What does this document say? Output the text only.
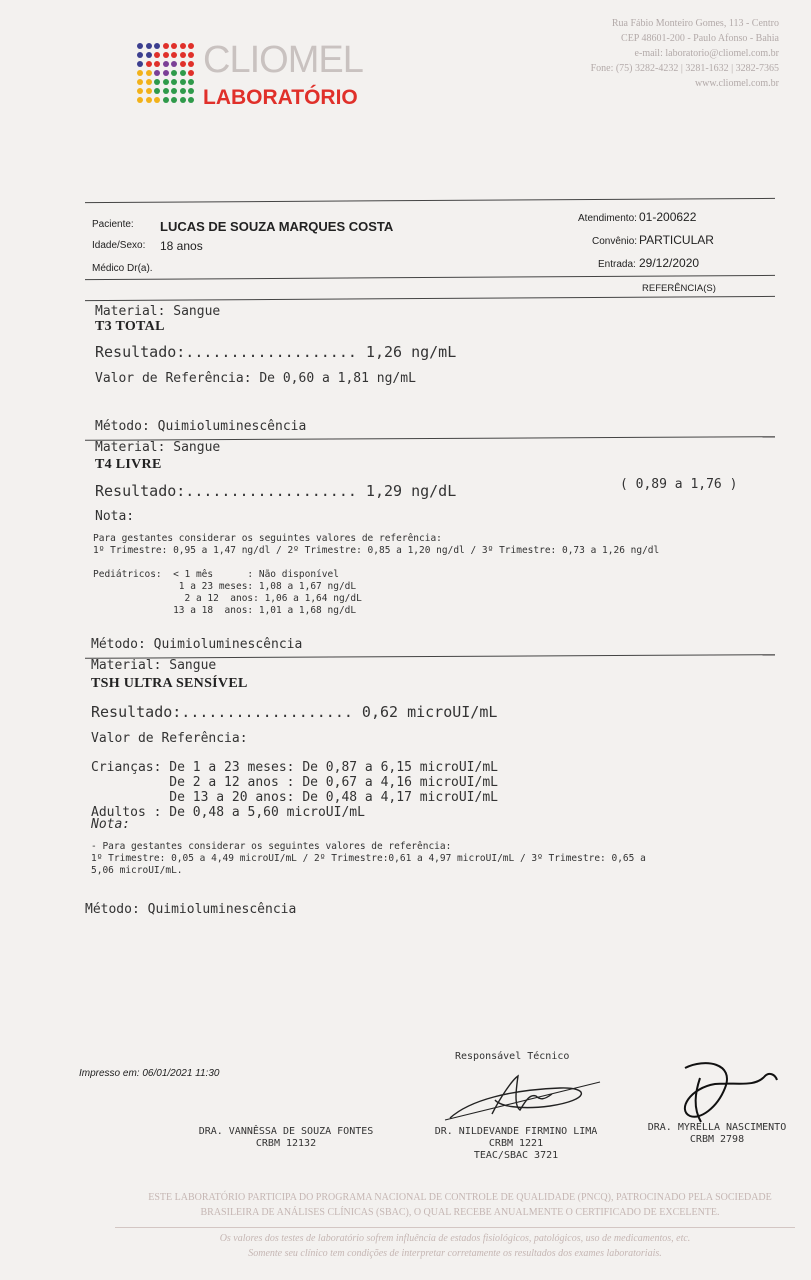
CLIOMEL
LABORATÓRIO
Rua Fábio Monteiro Gomes, 113 - Centro
CEP 48601-200 - Paulo Afonso - Bahia
e-mail: laboratorio@cliomel.com.br
Fone: (75) 3282-4232 | 3281-1632 | 3282-7365
www.cliomel.com.br
Paciente: LUCAS DE SOUZA MARQUES COSTA
Idade/Sexo: 18 anos
Médico Dr(a).
Atendimento: 01-200622
Convênio: PARTICULAR
Entrada: 29/12/2020
REFERÊNCIA(S)
Material: Sangue
T3 TOTAL
Resultado:................... 1,26 ng/mL
Valor de Referência: De 0,60 a 1,81 ng/mL
Método: Quimioluminescência
Material: Sangue
T4 LIVRE
Resultado:................... 1,29 ng/dL	( 0,89 a 1,76 )
Nota:

Para gestantes considerar os seguintes valores de referência:
1º Trimestre: 0,95 a 1,47 ng/dl / 2º Trimestre: 0,85 a 1,20 ng/dl / 3º Trimestre: 0,73 a 1,26 ng/dl

Pediátricos:  < 1 mês      : Não disponível
1 a 23 meses: 1,08 a 1,67 ng/dL
2 a 12  anos: 1,06 a 1,64 ng/dL
13 a 18  anos: 1,01 a 1,68 ng/dL
Método: Quimioluminescência
Material: Sangue
TSH ULTRA SENSÍVEL
Resultado:................... 0,62 microUI/mL
Valor de Referência:

Crianças: De 1 a 23 meses: De 0,87 a 6,15 microUI/mL
De 2 a 12 anos : De 0,67 a 4,16 microUI/mL
De 13 a 20 anos: De 0,48 a 4,17 microUI/mL
Adultos : De 0,48 a 5,60 microUI/mL
Nota:

- Para gestantes considerar os seguintes valores de referência:
1º Trimestre: 0,05 a 4,49 microUI/mL / 2º Trimestre:0,61 a 4,97 microUI/mL / 3º Trimestre: 0,65 a
5,06 microUI/mL.
Método: Quimioluminescência
Impresso em: 06/01/2021 11:30
Responsável Técnico
DRA. VANNÊSSA DE SOUZA FONTES
CRBM 12132
DR. NILDEVANDE FIRMINO LIMA
CRBM 1221
TEAC/SBAC 3721
DRA. MYRELLA NASCIMENTO
CRBM 2798
ESTE LABORATÓRIO PARTICIPA DO PROGRAMA NACIONAL DE CONTROLE DE QUALIDADE (PNCQ), PATROCINADO PELA SOCIEDADE
BRASILEIRA DE ANÁLISES CLÍNICAS (SBAC), O QUAL RECEBE ANUALMENTE O CERTIFICADO DE EXCELENTE.
Os valores dos testes de laboratório sofrem influência de estados fisiológicos, patológicos, uso de medicamentos, etc.
Somente seu clínico tem condições de interpretar corretamente os resultados dos exames laboratoriais.
